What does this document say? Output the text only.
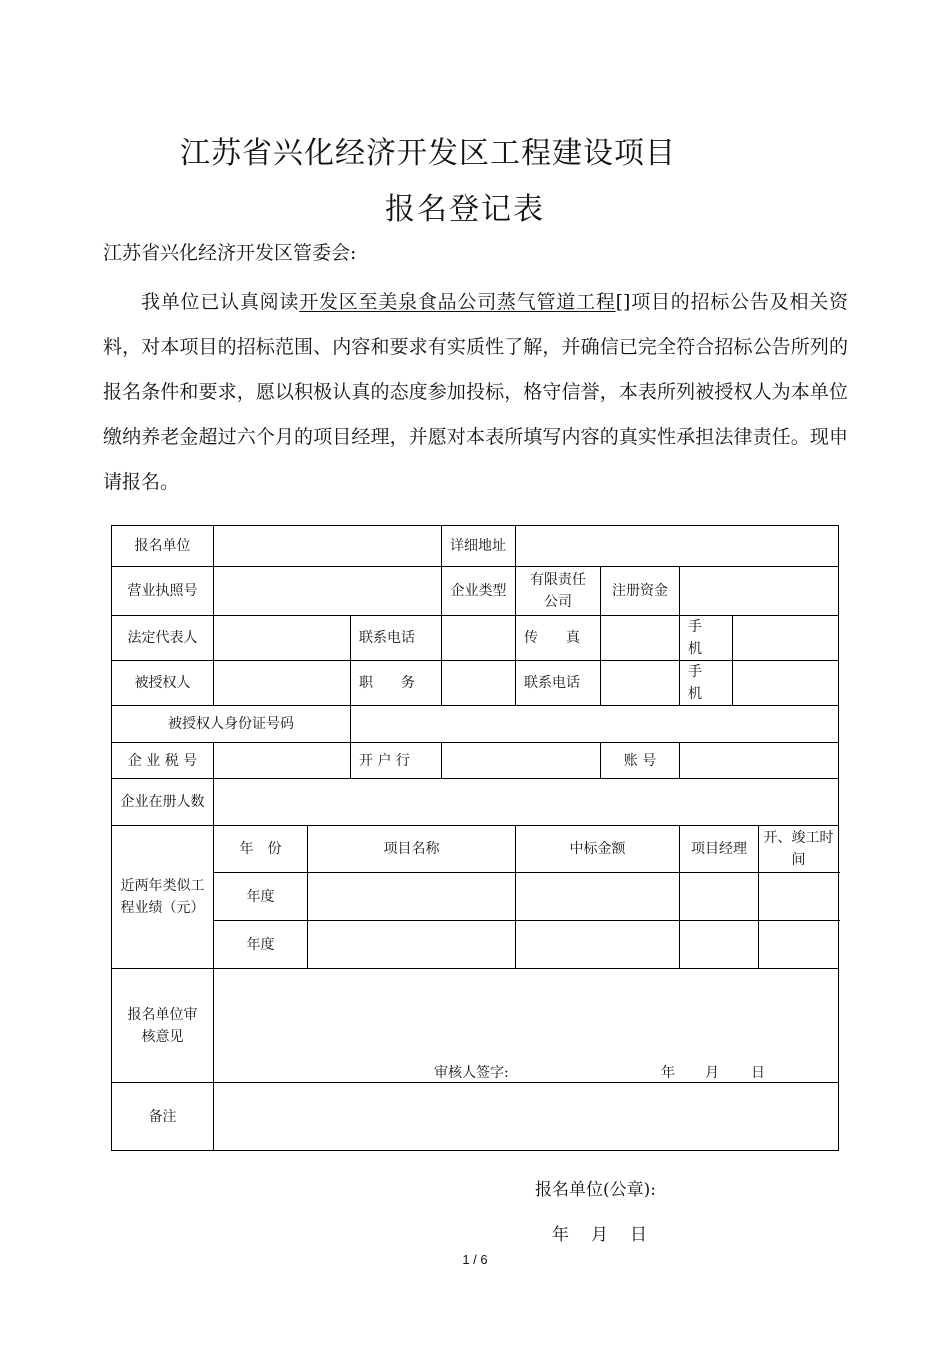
江苏省兴化经济开发区工程建设项目
报名登记表
江苏省兴化经济开发区管委会:
我单位已认真阅读开发区至美泉食品公司蒸气管道工程[]项目的招标公告及相关资料，对本项目的招标范围、内容和要求有实质性了解，并确信已完全符合招标公告所列的报名条件和要求，愿以积极认真的态度参加投标，格守信誉，本表所列被授权人为本单位缴纳养老金超过六个月的项目经理，并愿对本表所填写内容的真实性承担法律责任。现申请报名。
报名单位				详细地址					
营业执照号				企业类型	有限责任公司	注册资金			
法定代表人			联系电话		传　　真		手　机		
被授权人			职　　务		联系电话		手　机		
被授权人身份证号码									
企 业 税 号			开 户 行			账 号			
企业在册人数									
近两年类似工程业绩（元）	年　份	项目名称			中标金额		项目经理		开、竣工时间
	年度								
	年度								
报名单位审核意见	审核人签字: 年 月 日								

备注									
报名单位(公章):
年 月 日
1 / 6
